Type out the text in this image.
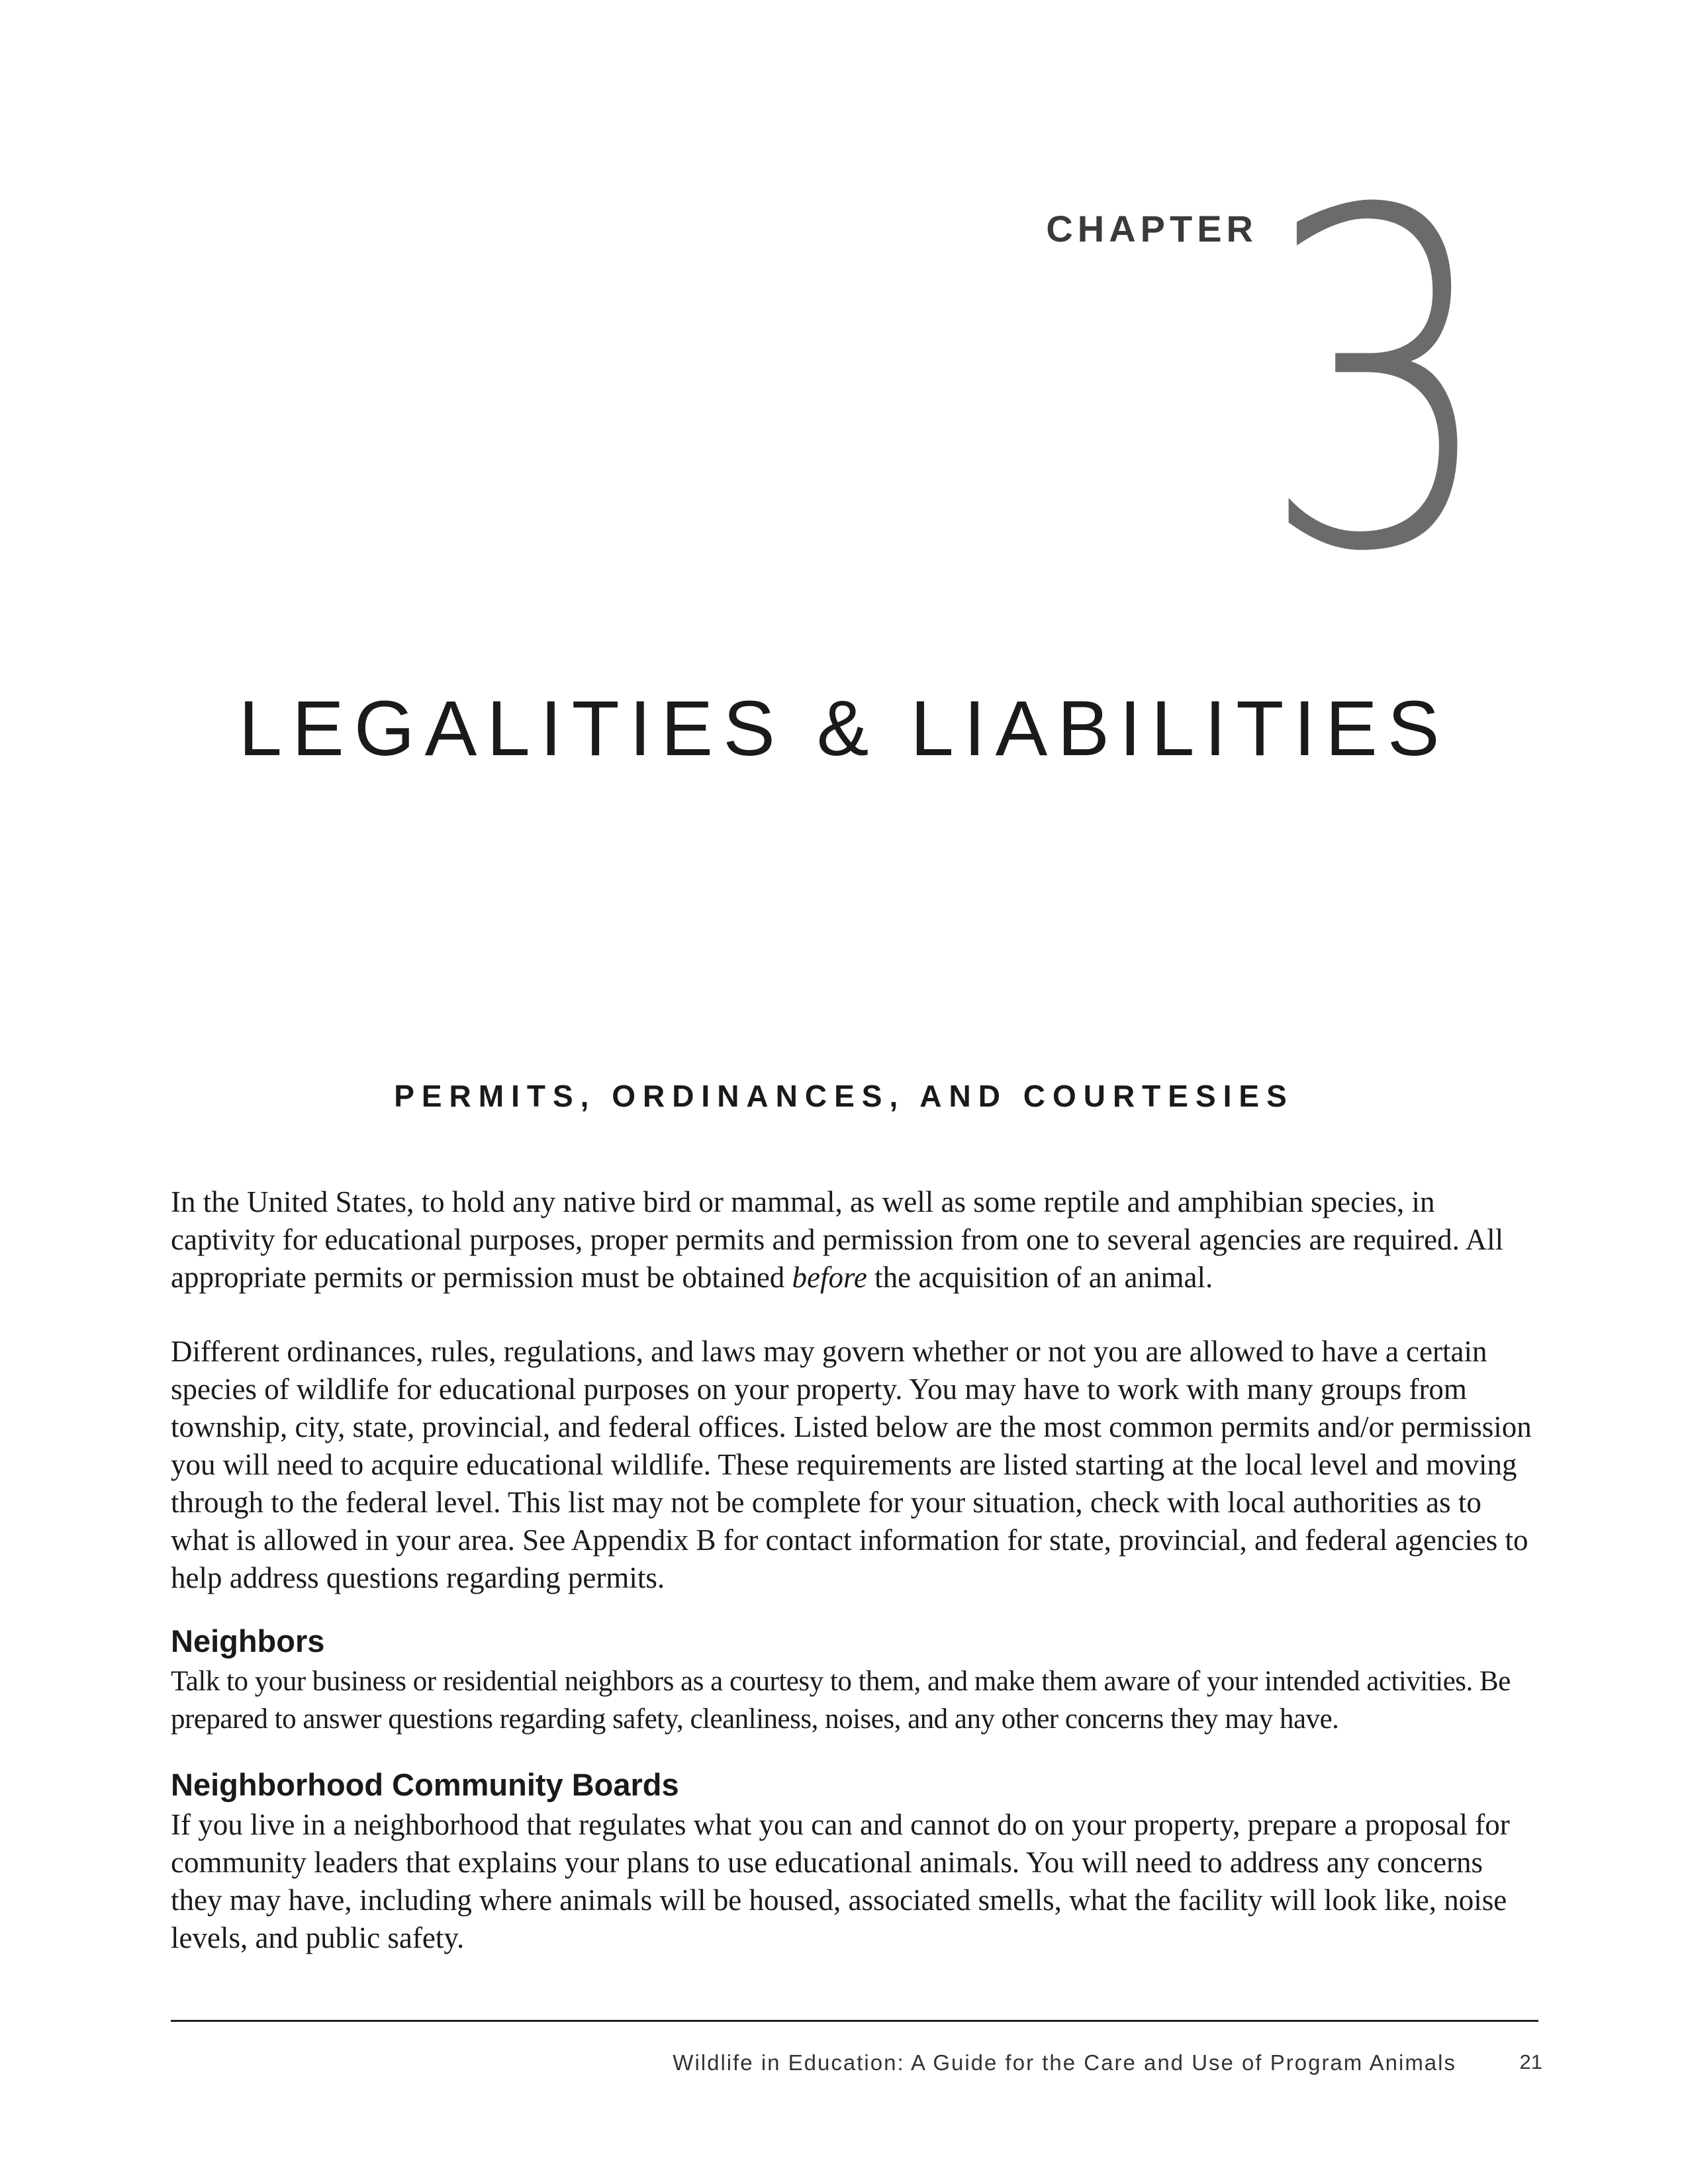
CHAPTER 3
LEGALITIES & LIABILITIES
PERMITS, ORDINANCES, AND COURTESIES

In the United States, to hold any native bird or mammal, as well as some reptile and amphibian species, in captivity for educational purposes, proper permits and permission from one to several agencies are required. All appropriate permits or permission must be obtained before the acquisition of an animal.

Different ordinances, rules, regulations, and laws may govern whether or not you are allowed to have a certain species of wildlife for educational purposes on your property. You may have to work with many groups from township, city, state, provincial, and federal offices. Listed below are the most common permits and/or permission you will need to acquire educational wildlife. These requirements are listed starting at the local level and moving through to the federal level. This list may not be complete for your situation, check with local authorities as to what is allowed in your area. See Appendix B for contact information for state, provincial, and federal agencies to help address questions regarding permits.

Neighbors

Talk to your business or residential neighbors as a courtesy to them, and make them aware of your intended activities. Be prepared to answer questions regarding safety, cleanliness, noises, and any other concerns they may have.

Neighborhood Community Boards

If you live in a neighborhood that regulates what you can and cannot do on your property, prepare a proposal for community leaders that explains your plans to use educational animals. You will need to address any concerns they may have, including where animals will be housed, associated smells, what the facility will look like, noise levels, and public safety.

Wildlife in Education: A Guide for the Care and Use of Program Animals	21
